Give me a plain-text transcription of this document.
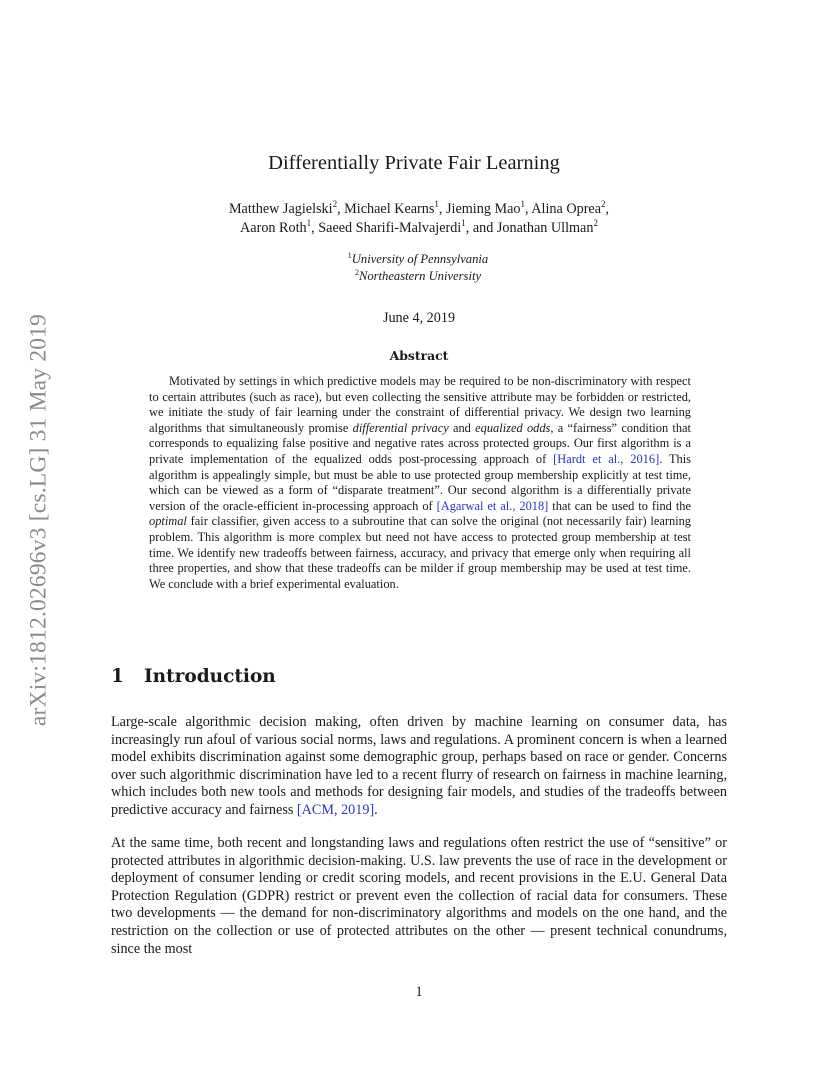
arXiv:1812.02696v3 [cs.LG] 31 May 2019
Differentially Private Fair Learning
Matthew Jagielski$^2$, Michael Kearns$^1$, Jieming Mao$^1$, Alina Oprea$^2$,
Aaron Roth$^1$, Saeed Sharifi-Malvajerdi$^1$, and Jonathan Ullman$^2$
$^1$University of Pennsylvania
$^2$Northeastern University
June 4, 2019
Abstract
Motivated by settings in which predictive models may be required to be non-discriminatory with respect to certain attributes (such as race), but even collecting the sensitive attribute may be forbidden or restricted, we initiate the study of fair learning under the constraint of differential privacy. We design two learning algorithms that simultaneously promise differential privacy and equalized odds, a “fairness” condition that corresponds to equalizing false positive and negative rates across protected groups. Our first algorithm is a private implementation of the equalized odds post-processing approach of [Hardt et al., 2016]. This algorithm is appealingly simple, but must be able to use protected group membership explicitly at test time, which can be viewed as a form of “disparate treatment”. Our second algorithm is a differentially private version of the oracle-efficient in-processing approach of [Agarwal et al., 2018] that can be used to find the optimal fair classifier, given access to a subroutine that can solve the original (not necessarily fair) learning problem. This algorithm is more complex but need not have access to protected group membership at test time. We identify new tradeoffs between fairness, accuracy, and privacy that emerge only when requiring all three properties, and show that these tradeoffs can be milder if group membership may be used at test time. We conclude with a brief experimental evaluation.
1 Introduction
Large-scale algorithmic decision making, often driven by machine learning on consumer data, has increasingly run afoul of various social norms, laws and regulations. A prominent concern is when a learned model exhibits discrimination against some demographic group, perhaps based on race or gender. Concerns over such algorithmic discrimination have led to a recent flurry of research on fairness in machine learning, which includes both new tools and methods for designing fair models, and studies of the tradeoffs between predictive accuracy and fairness [ACM, 2019].
At the same time, both recent and longstanding laws and regulations often restrict the use of “sensitive” or protected attributes in algorithmic decision-making. U.S. law prevents the use of race in the development or deployment of consumer lending or credit scoring models, and recent provisions in the E.U. General Data Protection Regulation (GDPR) restrict or prevent even the collection of racial data for consumers. These two developments — the demand for non-discriminatory algorithms and models on the one hand, and the restriction on the collection or use of protected attributes on the other — present technical conundrums, since the most
1
